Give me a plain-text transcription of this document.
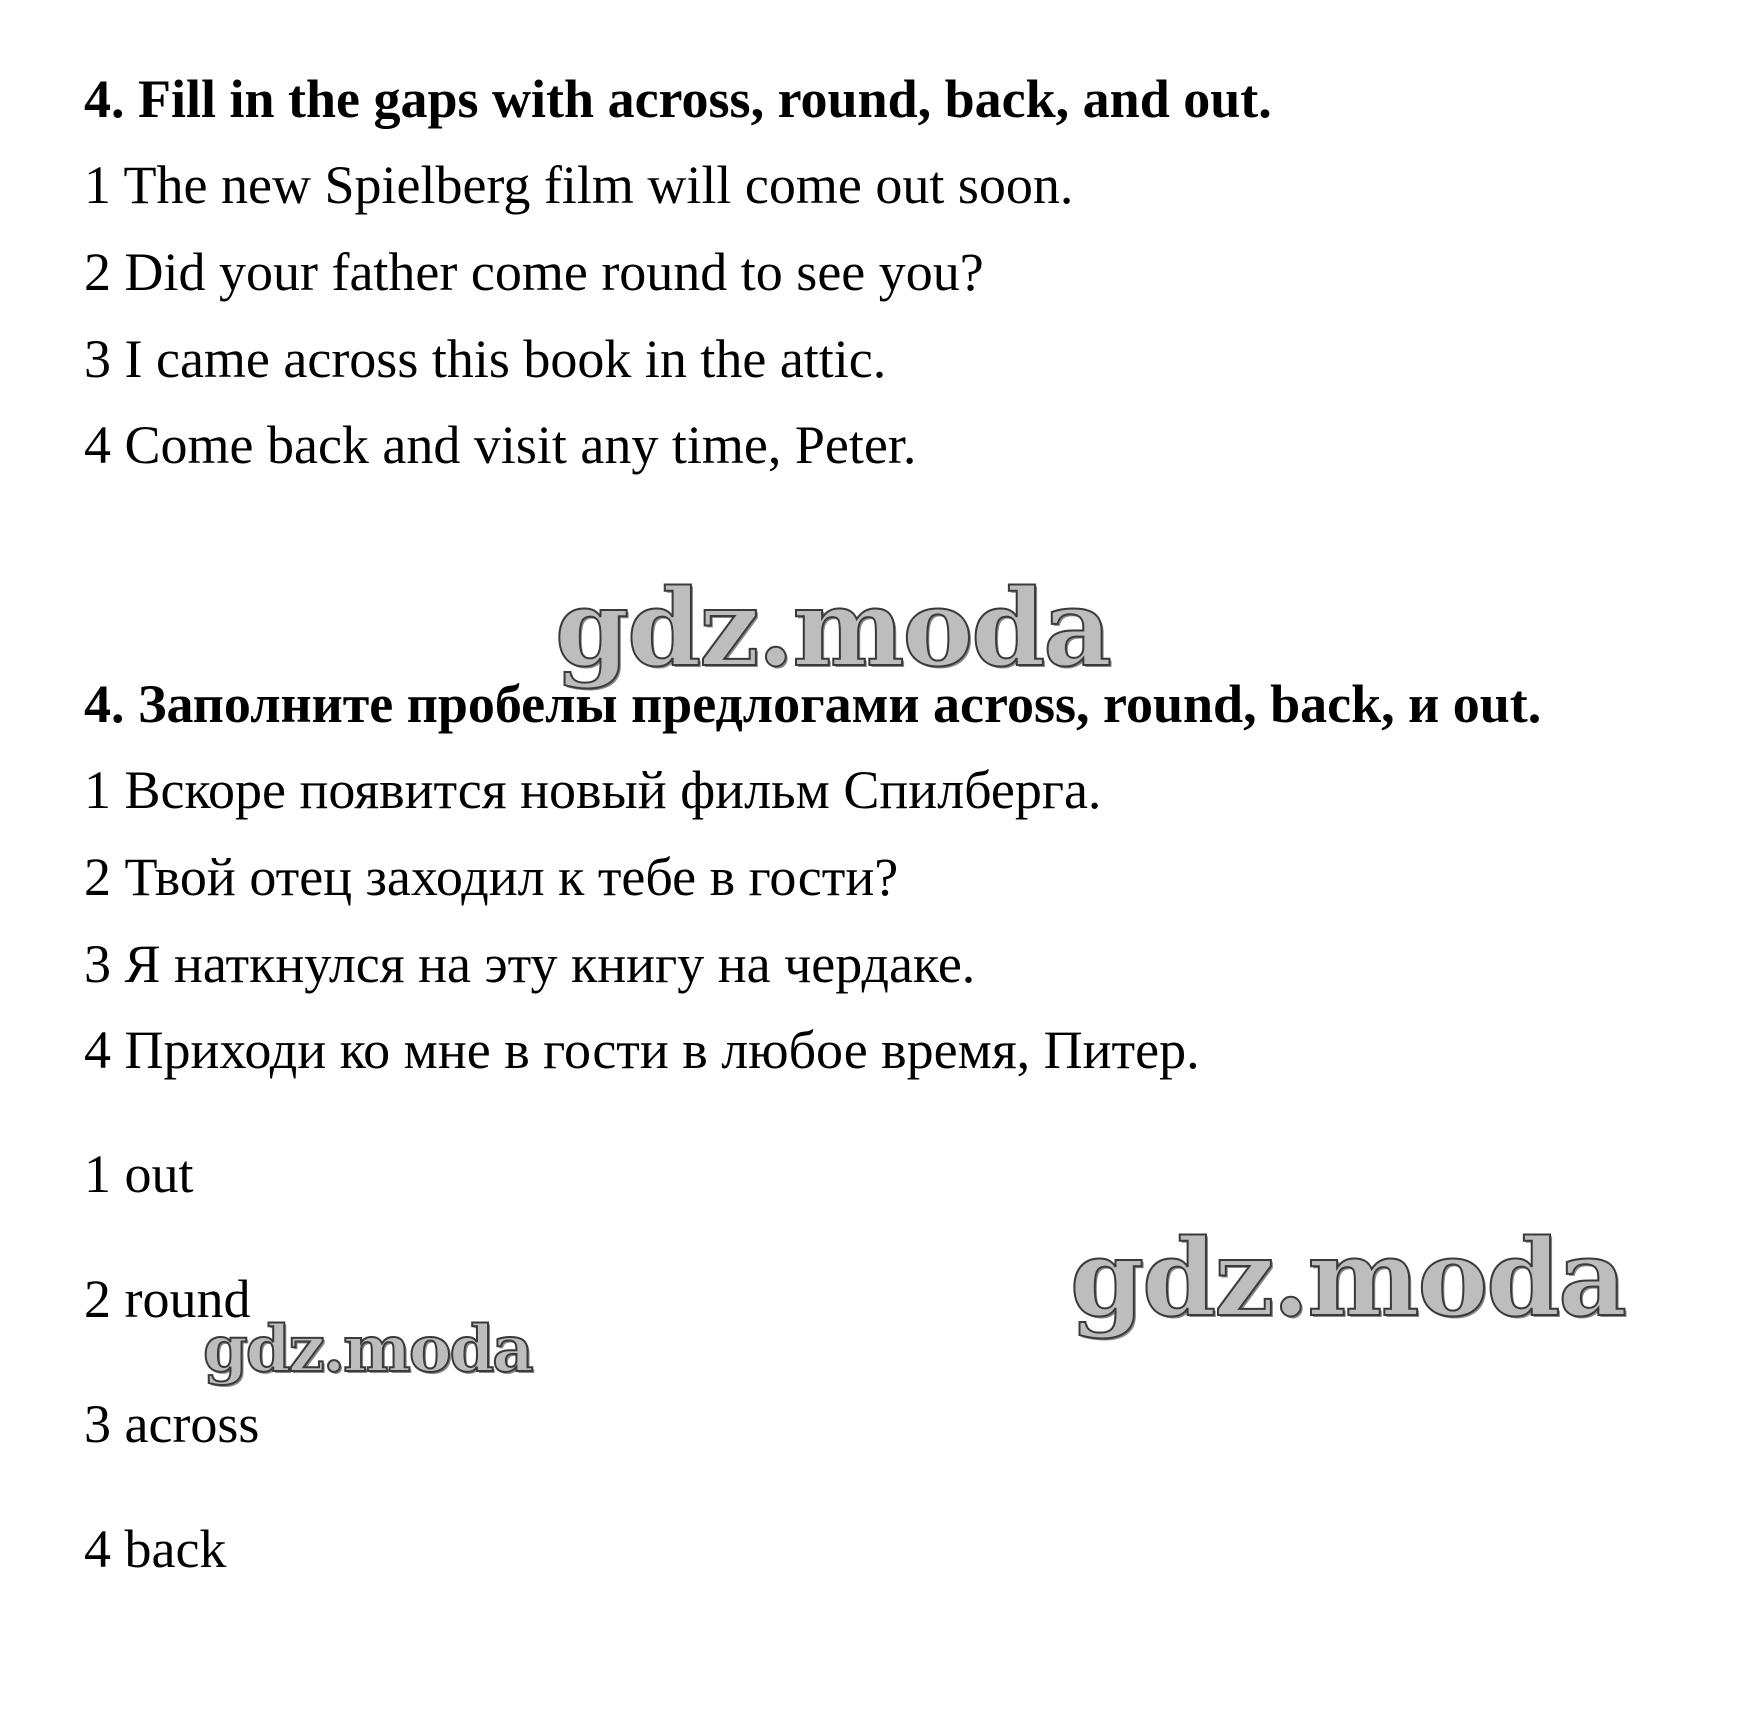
gdz.moda
gdz.moda
gdz.moda
4. Fill in the gaps with across, round, back, and out.
1 The new Spielberg film will come out soon.
2 Did your father come round to see you?
3 I came across this book in the attic.
4 Come back and visit any time, Peter.
4. Заполните пробелы предлогами across, round, back, и out.
1 Вскоре появится новый фильм Спилберга.
2 Твой отец заходил к тебе в гости?
3 Я наткнулся на эту книгу на чердаке.
4 Приходи ко мне в гости в любое время, Питер.
1 out
2 round
3 across
4 back
